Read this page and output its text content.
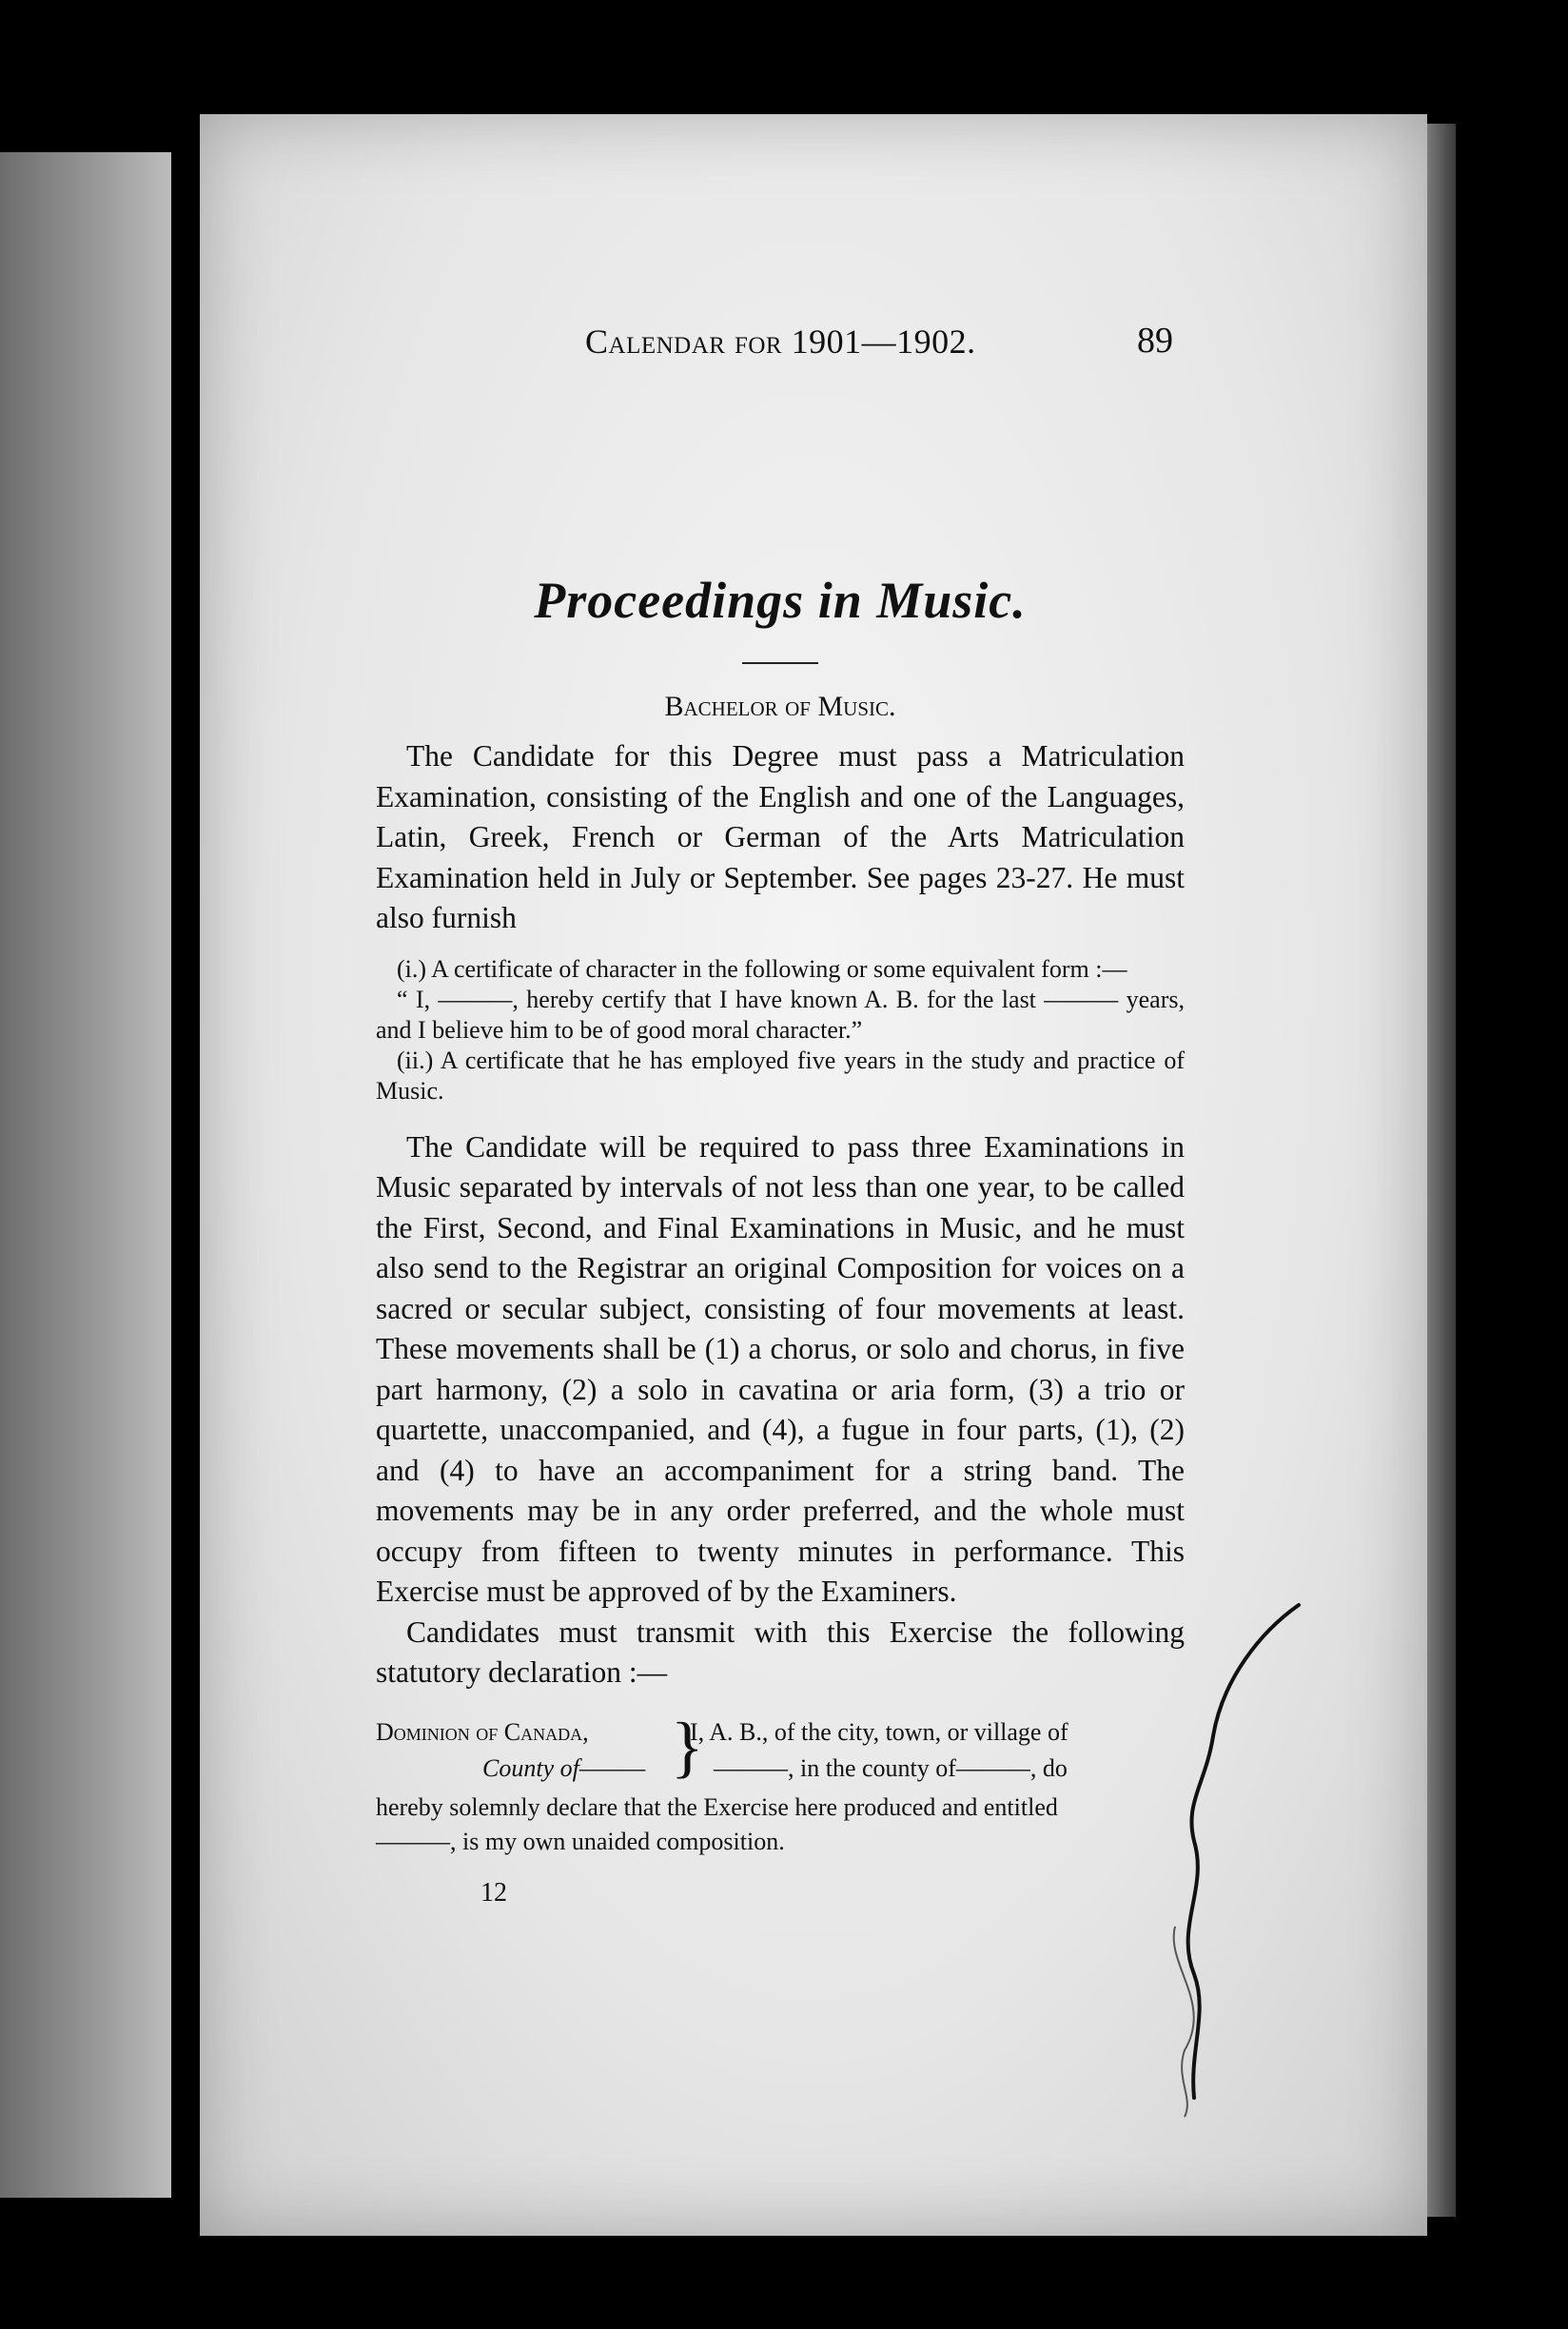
Calendar for 1901—1902.	89
Proceedings in Music.
Bachelor of Music.

The Candidate for this Degree must pass a Matriculation Examination, consisting of the English and one of the Languages, Latin, Greek, French or German of the Arts Matriculation Examination held in July or September. See pages 23-27. He must also furnish

(i.) A certificate of character in the following or some equivalent form :—

“ I, ———, hereby certify that I have known A. B. for the last ——— years, and I believe him to be of good moral character.”

(ii.) A certificate that he has employed five years in the study and practice of Music.

The Candidate will be required to pass three Examinations in Music separated by intervals of not less than one year, to be called the First, Second, and Final Examinations in Music, and he must also send to the Registrar an original Composition for voices on a sacred or secular subject, consisting of four movements at least. These movements shall be (1) a chorus, or solo and chorus, in five part harmony, (2) a solo in cavatina or aria form, (3) a trio or quartette, unaccompanied, and (4), a fugue in four parts, (1), (2) and (4) to have an accompaniment for a string band. The movements may be in any order preferred, and the whole must occupy from fifteen to twenty minutes in performance. This Exercise must be approved of by the Examiners.

Candidates must transmit with this Exercise the following statutory declaration :—

Dominion of Canada,
County of——— }
I, A. B., of the city, town, or village of
———, in the county of———, do

hereby solemnly declare that the Exercise here produced and entitled

———, is my own unaided composition.

12
